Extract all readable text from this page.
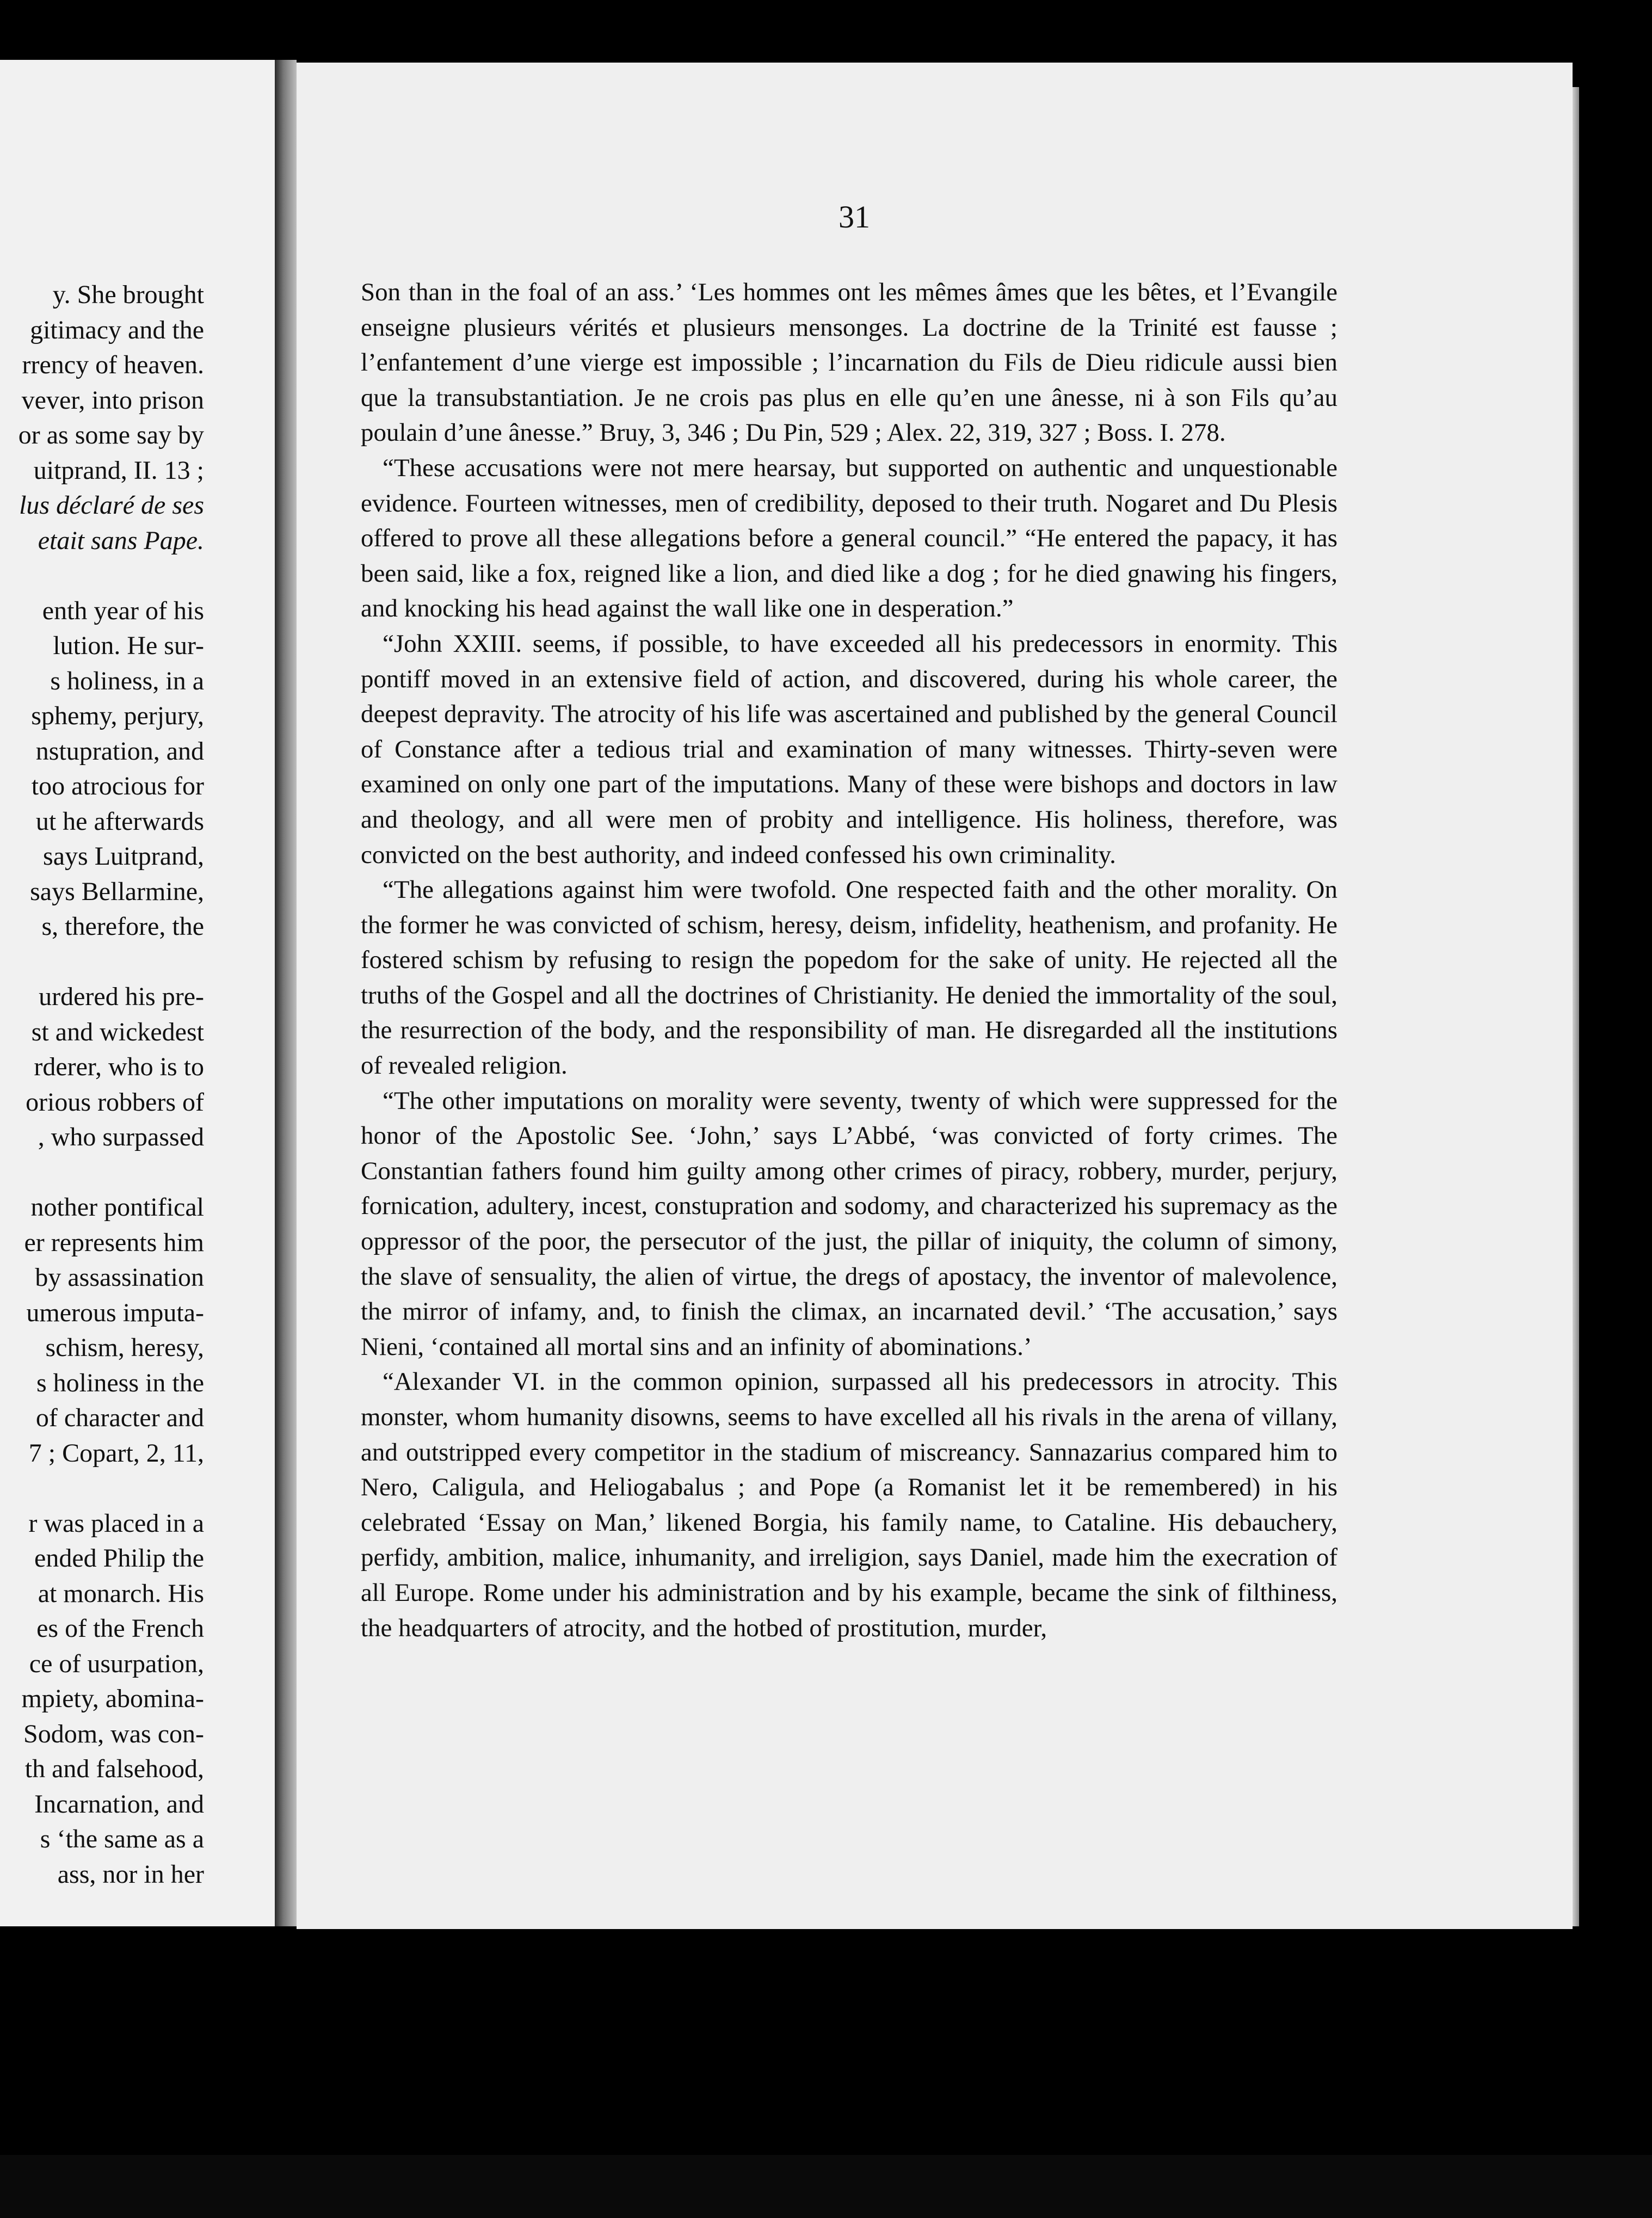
y. She brought
gitimacy and the
rrency of heaven.
vever, into prison
or as some say by
uitprand, II. 13 ;
lus déclaré de ses
etait sans Pape.
enth year of his
lution. He sur-
s holiness, in a
sphemy, perjury,
nstupration, and
too atrocious for
ut he afterwards
says Luitprand,
says Bellarmine,
s, therefore, the
urdered his pre-
st and wickedest
rderer, who is to
orious robbers of
, who surpassed
nother pontifical
er represents him
by assassination
umerous imputa-
schism, heresy,
s holiness in the
of character and
7 ; Copart, 2, 11,
r was placed in a
ended Philip the
at monarch. His
es of the French
ce of usurpation,
mpiety, abomina-
Sodom, was con-
th and falsehood,
Incarnation, and
s ‘the same as a
ass, nor in her
31

Son than in the foal of an ass.’ ‘Les hommes ont les mêmes âmes que les bêtes, et l’Evangile enseigne plusieurs vérités et plusieurs mensonges. La doctrine de la Trinité est fausse ; l’enfantement d’une vierge est impossible ; l’incarnation du Fils de Dieu ridicule aussi bien que la transubstantiation. Je ne crois pas plus en elle qu’en une ânesse, ni à son Fils qu’au poulain d’une ânesse.” Bruy, 3, 346 ; Du Pin, 529 ; Alex. 22, 319, 327 ; Boss. I. 278.

“These accusations were not mere hearsay, but supported on authentic and unquestionable evidence. Fourteen witnesses, men of credibility, deposed to their truth. Nogaret and Du Plesis offered to prove all these allegations before a general council.” “He entered the papacy, it has been said, like a fox, reigned like a lion, and died like a dog ; for he died gnawing his fingers, and knocking his head against the wall like one in desperation.”

“John XXIII. seems, if possible, to have exceeded all his predecessors in enormity. This pontiff moved in an extensive field of action, and discovered, during his whole career, the deepest depravity. The atrocity of his life was ascertained and published by the general Council of Constance after a tedious trial and examination of many witnesses. Thirty-seven were examined on only one part of the imputations. Many of these were bishops and doctors in law and theology, and all were men of probity and intelligence. His holiness, therefore, was convicted on the best authority, and indeed confessed his own criminality.

“The allegations against him were twofold. One respected faith and the other morality. On the former he was convicted of schism, heresy, deism, infidelity, heathenism, and profanity. He fostered schism by refusing to resign the popedom for the sake of unity. He rejected all the truths of the Gospel and all the doctrines of Christianity. He denied the immortality of the soul, the resurrection of the body, and the responsibility of man. He disregarded all the institutions of revealed religion.

“The other imputations on morality were seventy, twenty of which were suppressed for the honor of the Apostolic See. ‘John,’ says L’Abbé, ‘was convicted of forty crimes. The Constantian fathers found him guilty among other crimes of piracy, robbery, murder, perjury, fornication, adultery, incest, constupration and sodomy, and characterized his supremacy as the oppressor of the poor, the persecutor of the just, the pillar of iniquity, the column of simony, the slave of sensuality, the alien of virtue, the dregs of apostacy, the inventor of malevolence, the mirror of infamy, and, to finish the climax, an incarnated devil.’ ‘The accusation,’ says Nieni, ‘contained all mortal sins and an infinity of abominations.’

“Alexander VI. in the common opinion, surpassed all his predecessors in atrocity. This monster, whom humanity disowns, seems to have excelled all his rivals in the arena of villany, and outstripped every competitor in the stadium of miscreancy. Sannazarius compared him to Nero, Caligula, and Heliogabalus ; and Pope (a Romanist let it be remembered) in his celebrated ‘Essay on Man,’ likened Borgia, his family name, to Cataline. His debauchery, perfidy, ambition, malice, inhumanity, and irreligion, says Daniel, made him the execration of all Europe. Rome under his administration and by his example, became the sink of filthiness, the headquarters of atrocity, and the hotbed of prostitution, murder,
